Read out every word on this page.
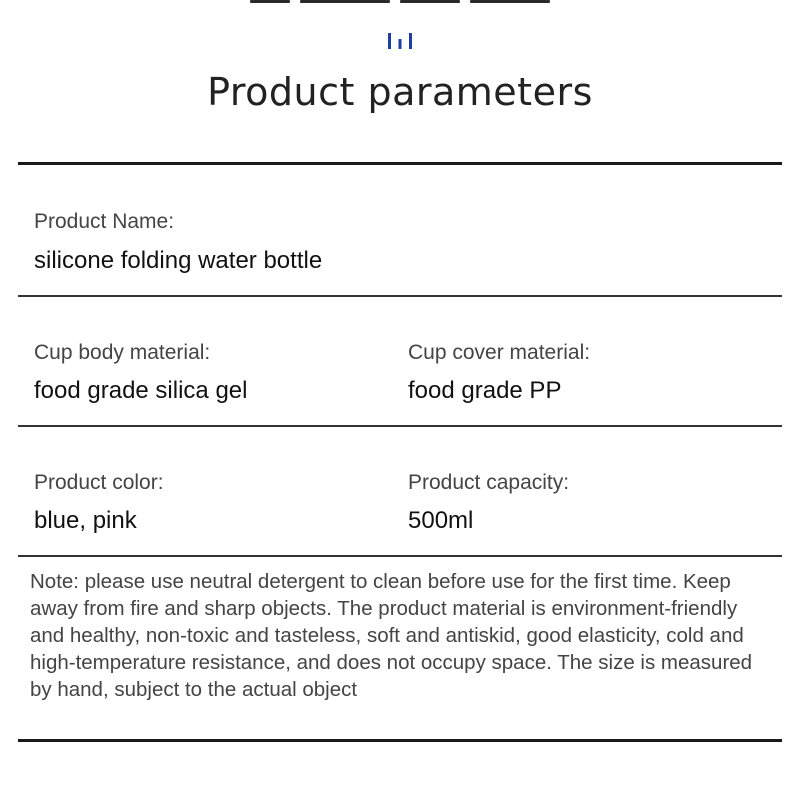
Product parameters
Product Name:
silicone folding water bottle
Cup body material:
food grade silica gel
Cup cover material:
food grade PP
Product color:
blue, pink
Product capacity:
500ml

Note: please use neutral detergent to clean before use for the first time. Keep away from fire and sharp objects. The product material is environment-friendly and healthy, non-toxic and tasteless, soft and antiskid, good elasticity, cold and high-temperature resistance, and does not occupy space. The size is measured by hand, subject to the actual object
